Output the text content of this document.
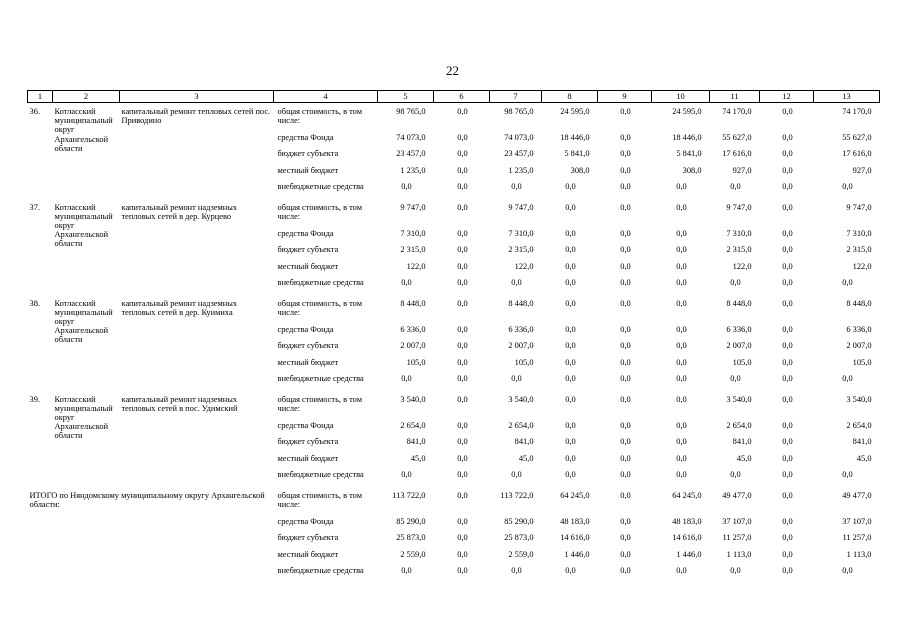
22
1	2	3	4	5	6	7	8	9	10	11	12	13
36.	Котласский муниципальный округ Архангельской области	капитальный ремонт тепловых сетей пос. Приводино	общая стоимость, в том числе:	98 765,0	0,0	98 765,0	24 595,0	0,0	24 595,0	74 170,0	0,0	74 170,0
			средства Фонда	74 073,0	0,0	74 073,0	18 446,0	0,0	18 446,0	55 627,0	0,0	55 627,0
			бюджет субъекта	23 457,0	0,0	23 457,0	5 841,0	0,0	5 841,0	17 616,0	0,0	17 616,0
			местный бюджет	1 235,0	0,0	1 235,0	308,0	0,0	308,0	927,0	0,0	927,0
			внебюджетные средства	0,0	0,0	0,0	0,0	0,0	0,0	0,0	0,0	0,0
37.	Котласский муниципальный округ Архангельской области	капитальный ремонт надземных тепловых сетей в дер. Курцево	общая стоимость, в том числе:	9 747,0	0,0	9 747,0	0,0	0,0	0,0	9 747,0	0,0	9 747,0
			средства Фонда	7 310,0	0,0	7 310,0	0,0	0,0	0,0	7 310,0	0,0	7 310,0
			бюджет субъекта	2 315,0	0,0	2 315,0	0,0	0,0	0,0	2 315,0	0,0	2 315,0
			местный бюджет	122,0	0,0	122,0	0,0	0,0	0,0	122,0	0,0	122,0
			внебюджетные средства	0,0	0,0	0,0	0,0	0,0	0,0	0,0	0,0	0,0
38.	Котласский муниципальный округ Архангельской области	капитальный ремонт надземных тепловых сетей в дер. Куимиха	общая стоимость, в том числе:	8 448,0	0,0	8 448,0	0,0	0,0	0,0	8 448,0	0,0	8 448,0
			средства Фонда	6 336,0	0,0	6 336,0	0,0	0,0	0,0	6 336,0	0,0	6 336,0
			бюджет субъекта	2 007,0	0,0	2 007,0	0,0	0,0	0,0	2 007,0	0,0	2 007,0
			местный бюджет	105,0	0,0	105,0	0,0	0,0	0,0	105,0	0,0	105,0
			внебюджетные средства	0,0	0,0	0,0	0,0	0,0	0,0	0,0	0,0	0,0
39.	Котласский муниципальный округ Архангельской области	капитальный ремонт надземных тепловых сетей в пос. Удимский	общая стоимость, в том числе:	3 540,0	0,0	3 540,0	0,0	0,0	0,0	3 540,0	0,0	3 540,0
			средства Фонда	2 654,0	0,0	2 654,0	0,0	0,0	0,0	2 654,0	0,0	2 654,0
			бюджет субъекта	841,0	0,0	841,0	0,0	0,0	0,0	841,0	0,0	841,0
			местный бюджет	45,0	0,0	45,0	0,0	0,0	0,0	45,0	0,0	45,0
			внебюджетные средства	0,0	0,0	0,0	0,0	0,0	0,0	0,0	0,0	0,0
ИТОГО по Няндомскому муниципальному округу Архангельской области:			общая стоимость, в том числе:	113 722,0	0,0	113 722,0	64 245,0	0,0	64 245,0	49 477,0	0,0	49 477,0
			средства Фонда	85 290,0	0,0	85 290,0	48 183,0	0,0	48 183,0	37 107,0	0,0	37 107,0
			бюджет субъекта	25 873,0	0,0	25 873,0	14 616,0	0,0	14 616,0	11 257,0	0,0	11 257,0
			местный бюджет	2 559,0	0,0	2 559,0	1 446,0	0,0	1 446,0	1 113,0	0,0	1 113,0
			внебюджетные средства	0,0	0,0	0,0	0,0	0,0	0,0	0,0	0,0	0,0
